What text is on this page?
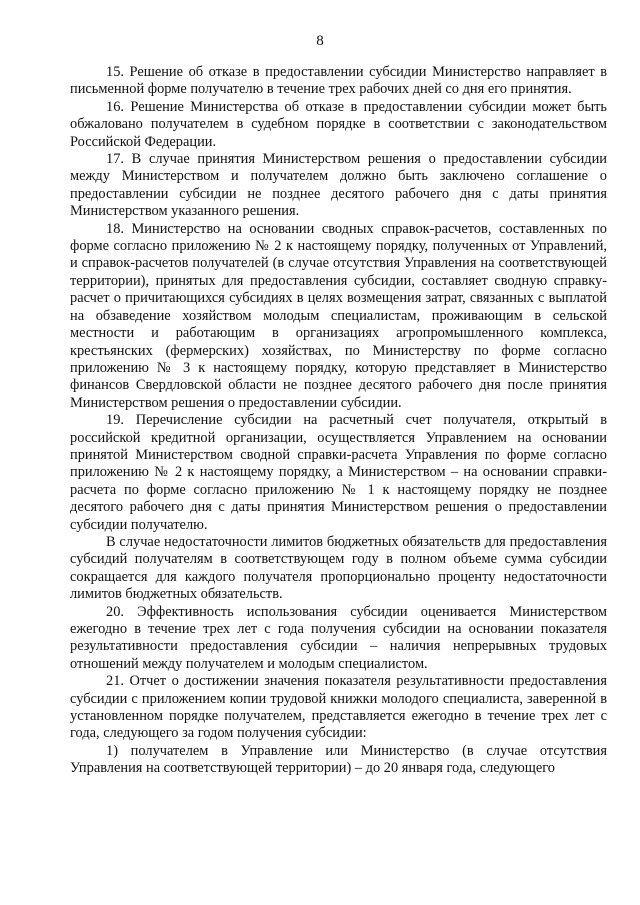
8

15. Решение об отказе в предоставлении субсидии Министерство направляет в письменной форме получателю в течение трех рабочих дней со дня его принятия.

16. Решение Министерства об отказе в предоставлении субсидии может быть обжаловано получателем в судебном порядке в соответствии с законодательством Российской Федерации.

17. В случае принятия Министерством решения о предоставлении субсидии между Министерством и получателем должно быть заключено соглашение о предоставлении субсидии не позднее десятого рабочего дня с даты принятия Министерством указанного решения.

18. Министерство на основании сводных справок-расчетов, составленных по форме согласно приложению № 2 к настоящему порядку, полученных от Управлений, и справок-расчетов получателей (в случае отсутствия Управления на соответствующей территории), принятых для предоставления субсидии, составляет сводную справку-расчет о причитающихся субсидиях в целях возмещения затрат, связанных с выплатой на обзаведение хозяйством молодым специалистам, проживающим в сельской местности и работающим в организациях агропромышленного комплекса, крестьянских (фермерских) хозяйствах, по Министерству по форме согласно приложению № 3 к настоящему порядку, которую представляет в Министерство финансов Свердловской области не позднее десятого рабочего дня после принятия Министерством решения о предоставлении субсидии.

19. Перечисление субсидии на расчетный счет получателя, открытый в российской кредитной организации, осуществляется Управлением на основании принятой Министерством сводной справки-расчета Управления по форме согласно приложению № 2 к настоящему порядку, а Министерством – на основании справки-расчета по форме согласно приложению № 1 к настоящему порядку не позднее десятого рабочего дня с даты принятия Министерством решения о предоставлении субсидии получателю.

В случае недостаточности лимитов бюджетных обязательств для предоставления субсидий получателям в соответствующем году в полном объеме сумма субсидии сокращается для каждого получателя пропорционально проценту недостаточности лимитов бюджетных обязательств.

20. Эффективность использования субсидии оценивается Министерством ежегодно в течение трех лет с года получения субсидии на основании показателя результативности предоставления субсидии – наличия непрерывных трудовых отношений между получателем и молодым специалистом.

21. Отчет о достижении значения показателя результативности предоставления субсидии с приложением копии трудовой книжки молодого специалиста, заверенной в установленном порядке получателем, представляется ежегодно в течение трех лет с года, следующего за годом получения субсидии:

1) получателем в Управление или Министерство (в случае отсутствия Управления на соответствующей территории) – до 20 января года, следующего
